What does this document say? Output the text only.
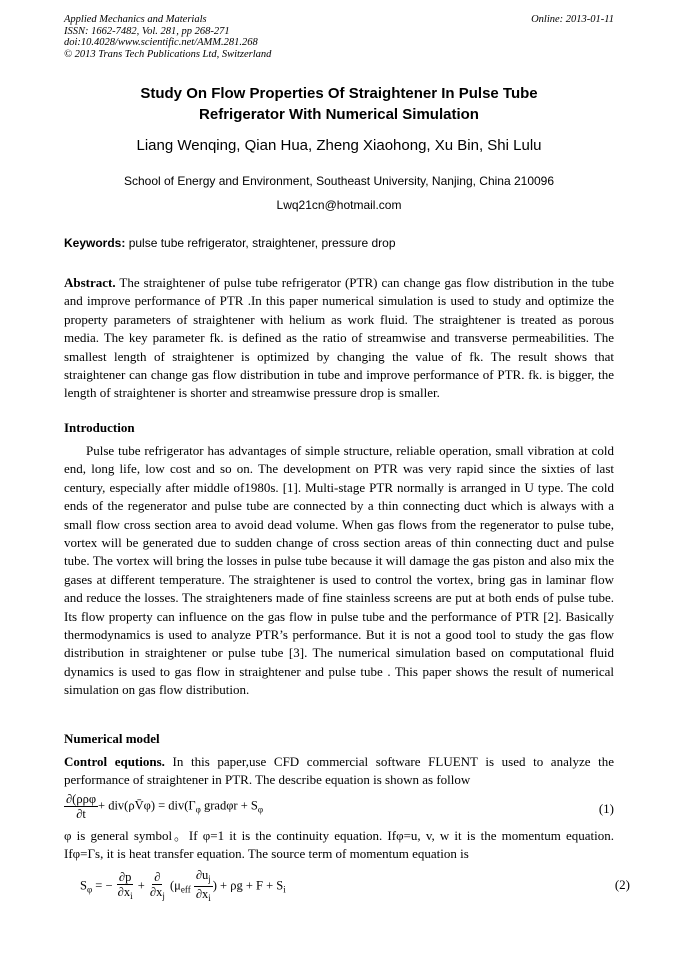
Applied Mechanics and Materials
ISSN: 1662-7482, Vol. 281, pp 268-271
doi:10.4028/www.scientific.net/AMM.281.268
© 2013 Trans Tech Publications Ltd, Switzerland
Online: 2013-01-11
Study On Flow Properties Of Straightener In Pulse Tube
Refrigerator With Numerical Simulation
Liang Wenqing, Qian Hua, Zheng Xiaohong, Xu Bin, Shi Lulu
School of Energy and Environment, Southeast University, Nanjing, China 210096
Lwq21cn@hotmail.com
Keywords: pulse tube refrigerator, straightener, pressure drop
Abstract. The straightener of pulse tube refrigerator (PTR) can change gas flow distribution in the tube and improve performance of PTR .In this paper numerical simulation is used to study and optimize the property parameters of straightener with helium as work fluid. The straightener is treated as porous media. The key parameter fk. is defined as the ratio of streamwise and transverse permeabilities. The smallest length of straightener is optimized by changing the value of fk. The result shows that straightener can change gas flow distribution in tube and improve performance of PTR. fk. is bigger, the length of straightener is shorter and streamwise pressure drop is smaller.
Introduction
Pulse tube refrigerator has advantages of simple structure, reliable operation, small vibration at cold end, long life, low cost and so on. The development on PTR was very rapid since the sixties of last century, especially after middle of1980s. [1]. Multi-stage PTR normally is arranged in U type. The cold ends of the regenerator and pulse tube are connected by a thin connecting duct which is always with a small flow cross section area to avoid dead volume. When gas flows from the regenerator to pulse tube, vortex will be generated due to sudden change of cross section areas of thin connecting duct and pulse tube. The vortex will bring the losses in pulse tube because it will damage the gas piston and also mix the gases at different temperature. The straightener is used to control the vortex, bring gas in laminar flow and reduce the losses. The straighteners made of fine stainless screens are put at both ends of pulse tube. Its flow property can influence on the gas flow in pulse tube and the performance of PTR [2]. Basically thermodynamics is used to analyze PTR’s performance. But it is not a good tool to study the gas flow distribution in straightener or pulse tube [3]. The numerical simulation based on computational fluid dynamics is used to gas flow in straightener and pulse tube . This paper shows the result of numerical simulation on gas flow distribution.
Numerical model
Control equtions. In this paper,use CFD commercial software FLUENT is used to analyze the performance of straightener in PTR. The describe equation is shown as follow
$\frac{\text{∂(ρρφ}}{\partial t}$ + div(ρV̄φ) = $div(\Gamma_\varphi$ gradφr + $S_\varphi$	(1)
φ is general symbol。If φ=1 it is the continuity equation. Ifφ=u, v, w it is the momentum equation. Ifφ=Γs, it is heat transfer equation. The source term of momentum equation is
$S_\varphi$ = − $\frac{\partial p}{\partial x_i} + \frac{\partial}{\partial x_j} (\mu_{eff} \frac{\partial u_j}{\partial x_i}$ ) + $\rho g + F + S_i$	(2)
